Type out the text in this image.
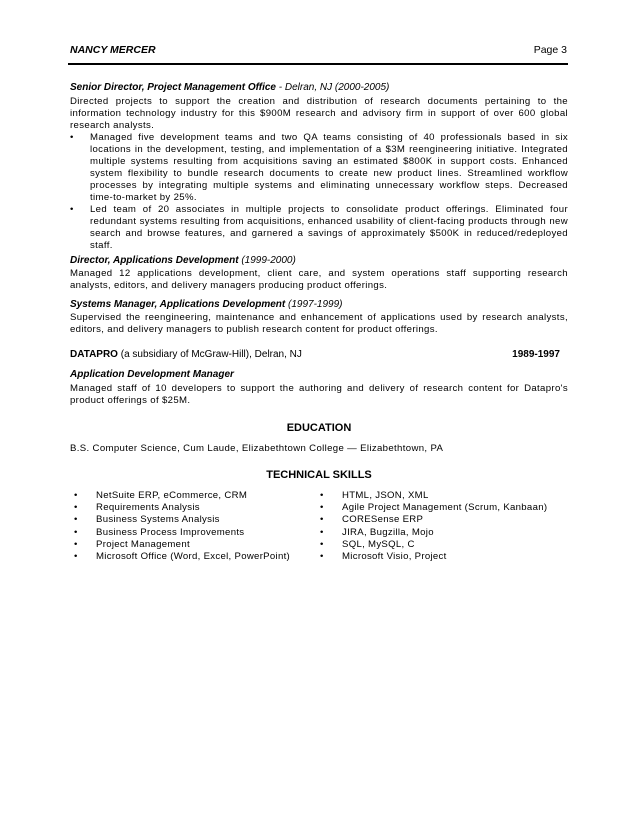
NANCY MERCER	Page 3
Senior Director, Project Management Office - Delran, NJ (2000-2005)
Directed projects to support the creation and distribution of research documents pertaining to the information technology industry for this $900M research and advisory firm in support of over 600 global research analysts.
•	Managed five development teams and two QA teams consisting of 40 professionals based in six locations in the development, testing, and implementation of a $3M reengineering initiative. Integrated multiple systems resulting from acquisitions saving an estimated $800K in support costs. Enhanced system flexibility to bundle research documents to create new product lines. Streamlined workflow processes by integrating multiple systems and eliminating unnecessary workflow steps. Decreased time-to-market by 25%.
•	Led team of 20 associates in multiple projects to consolidate product offerings. Eliminated four redundant systems resulting from acquisitions, enhanced usability of client-facing products through new search and browse features, and garnered a savings of approximately $500K in reduced/redeployed staff.
Director, Applications Development (1999-2000)
Managed 12 applications development, client care, and system operations staff supporting research analysts, editors, and delivery managers producing product offerings.
Systems Manager, Applications Development (1997-1999)
Supervised the reengineering, maintenance and enhancement of applications used by research analysts, editors, and delivery managers to publish research content for product offerings.
DATAPRO (a subsidiary of McGraw-Hill), Delran, NJ	1989-1997
Application Development Manager
Managed staff of 10 developers to support the authoring and delivery of research content for Datapro's product offerings of $25M.
EDUCATION
B.S. Computer Science, Cum Laude, Elizabethtown College — Elizabethtown, PA
TECHNICAL SKILLS
•	NetSuite ERP, eCommerce, CRM
•	Requirements Analysis
•	Business Systems Analysis
•	Business Process Improvements
•	Project Management
•	Microsoft Office (Word, Excel, PowerPoint)
•	HTML, JSON, XML
•	Agile Project Management (Scrum, Kanbaan)
•	CORESense ERP
•	JIRA, Bugzilla, Mojo
•	SQL, MySQL, C
•	Microsoft Visio, Project
